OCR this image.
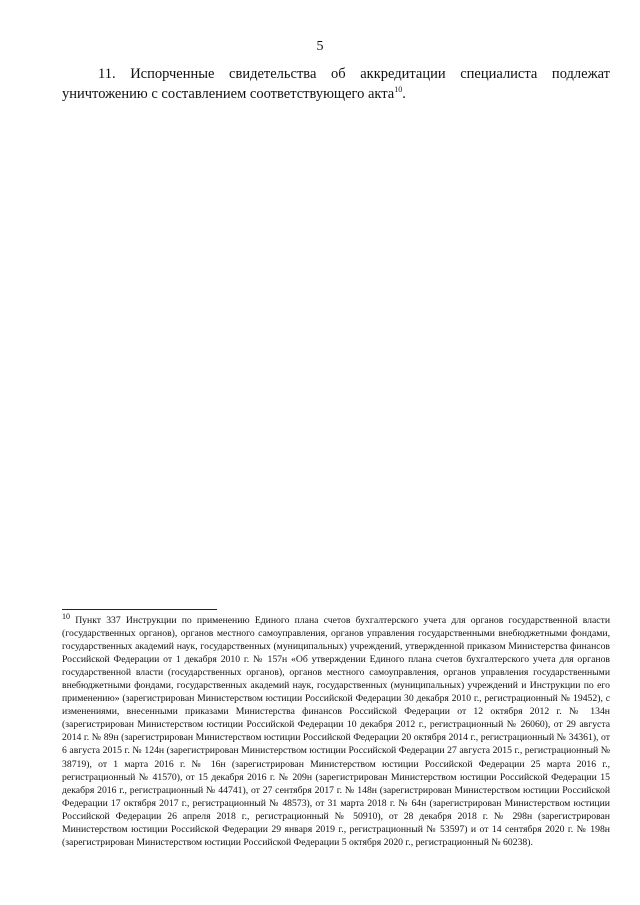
5
11. Испорченные свидетельства об аккредитации специалиста подлежат уничтожению с составлением соответствующего акта$^{10}$.
$^{10}$ Пункт 337 Инструкции по применению Единого плана счетов бухгалтерского учета для органов государственной власти (государственных органов), органов местного самоуправления, органов управления государственными внебюджетными фондами, государственных академий наук, государственных (муниципальных) учреждений, утвержденной приказом Министерства финансов Российской Федерации от 1 декабря 2010 г. № 157н «Об утверждении Единого плана счетов бухгалтерского учета для органов государственной власти (государственных органов), органов местного самоуправления, органов управления государственными внебюджетными фондами, государственных академий наук, государственных (муниципальных) учреждений и Инструкции по его применению» (зарегистрирован Министерством юстиции Российской Федерации 30 декабря 2010 г., регистрационный № 19452), с изменениями, внесенными приказами Министерства финансов Российской Федерации от 12 октября 2012 г. № 134н (зарегистрирован Министерством юстиции Российской Федерации 10 декабря 2012 г., регистрационный № 26060), от 29 августа 2014 г. № 89н (зарегистрирован Министерством юстиции Российской Федерации 20 октября 2014 г., регистрационный № 34361), от 6 августа 2015 г. № 124н (зарегистрирован Министерством юстиции Российской Федерации 27 августа 2015 г., регистрационный № 38719), от 1 марта 2016 г. № 16н (зарегистрирован Министерством юстиции Российской Федерации 25 марта 2016 г., регистрационный № 41570), от 15 декабря 2016 г. № 209н (зарегистрирован Министерством юстиции Российской Федерации 15 декабря 2016 г., регистрационный № 44741), от 27 сентября 2017 г. № 148н (зарегистрирован Министерством юстиции Российской Федерации 17 октября 2017 г., регистрационный № 48573), от 31 марта 2018 г. № 64н (зарегистрирован Министерством юстиции Российской Федерации 26 апреля 2018 г., регистрационный № 50910), от 28 декабря 2018 г. № 298н (зарегистрирован Министерством юстиции Российской Федерации 29 января 2019 г., регистрационный № 53597) и от 14 сентября 2020 г. № 198н (зарегистрирован Министерством юстиции Российской Федерации 5 октября 2020 г., регистрационный № 60238).
